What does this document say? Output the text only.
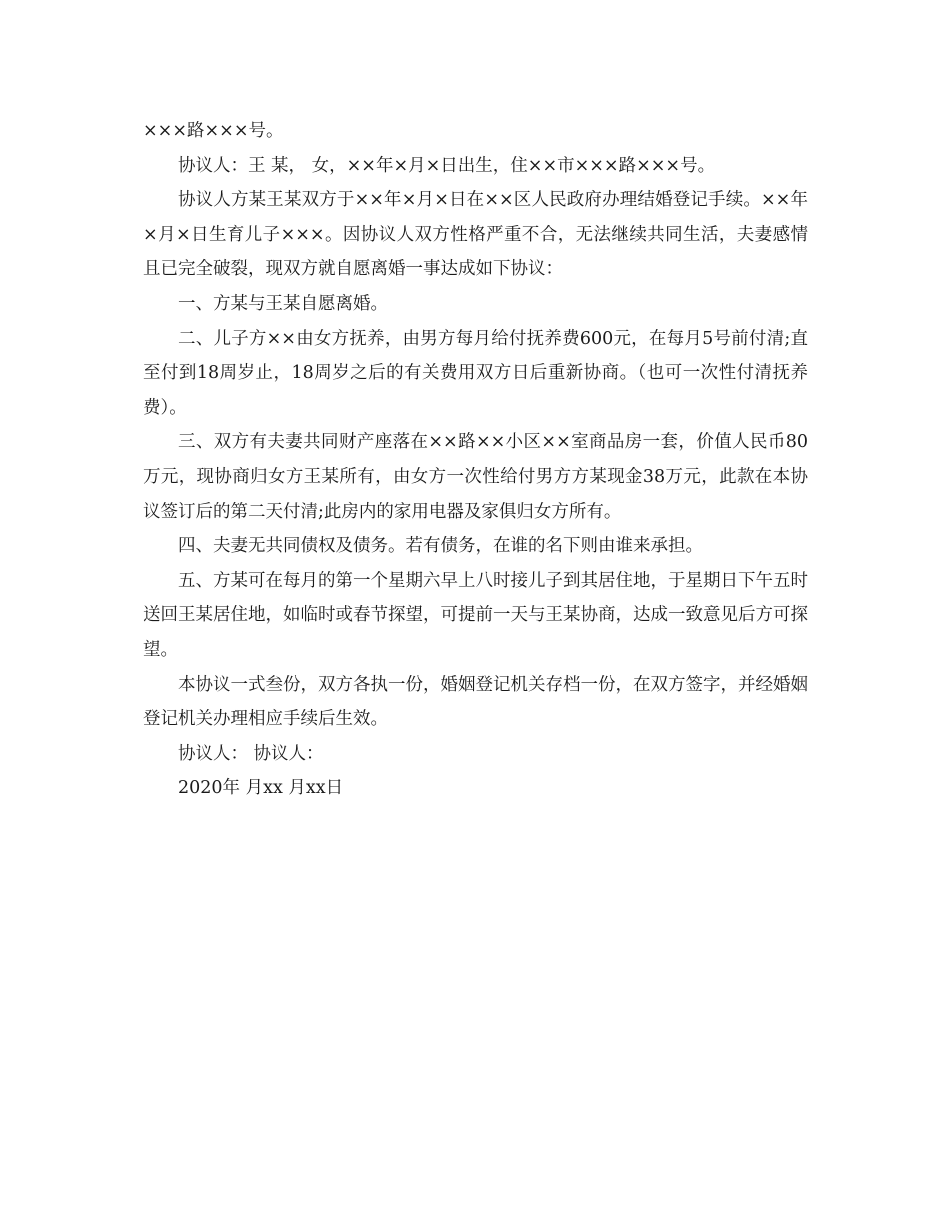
×××路×××号。

协议人：王 某， 女，××年×月×日出生，住××市×××路×××号。

协议人方某王某双方于××年×月×日在××区人民政府办理结婚登记手续。××年×月×日生育儿子×××。因协议人双方性格严重不合，无法继续共同生活，夫妻感情且已完全破裂，现双方就自愿离婚一事达成如下协议：

一、方某与王某自愿离婚。

二、儿子方××由女方抚养，由男方每月给付抚养费600元，在每月5号前付清;直至付到18周岁止，18周岁之后的有关费用双方日后重新协商。（也可一次性付清抚养费）。

三、双方有夫妻共同财产座落在××路××小区××室商品房一套，价值人民币80万元，现协商归女方王某所有，由女方一次性给付男方方某现金38万元，此款在本协议签订后的第二天付清;此房内的家用电器及家俱归女方所有。

四、夫妻无共同债权及债务。若有债务，在谁的名下则由谁来承担。

五、方某可在每月的第一个星期六早上八时接儿子到其居住地，于星期日下午五时送回王某居住地，如临时或春节探望，可提前一天与王某协商，达成一致意见后方可探望。

本协议一式叁份，双方各执一份，婚姻登记机关存档一份，在双方签字，并经婚姻登记机关办理相应手续后生效。

协议人： 协议人：

2020年 月xx 月xx日
